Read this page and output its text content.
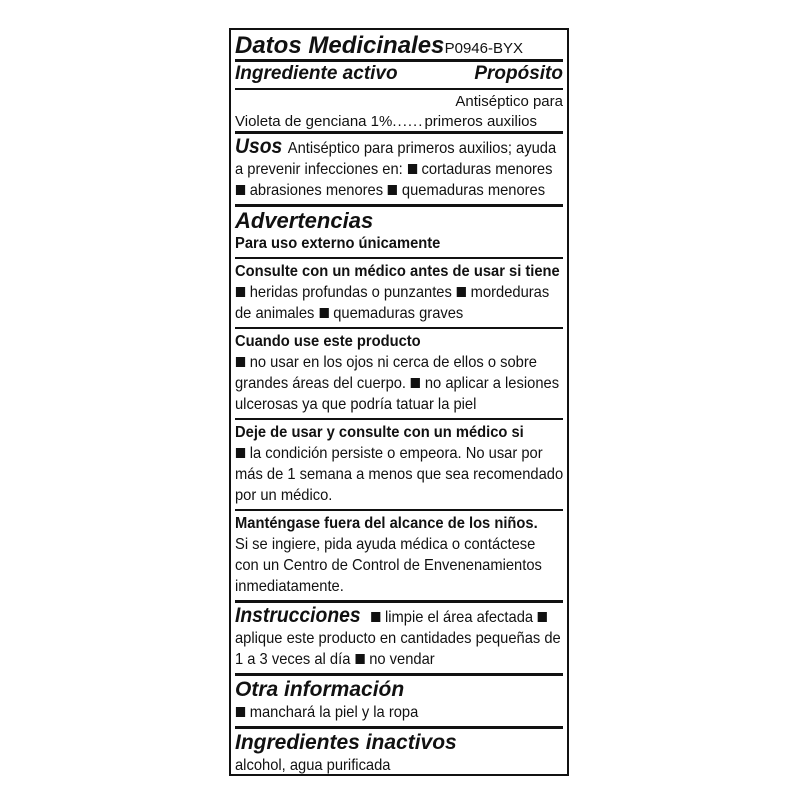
Datos Medicinales P0946-BYX
Ingrediente activo	Propósito
Antiséptico para
Violeta de genciana 1%
..... primeros auxilios
Usos Antiséptico para primeros auxilios; ayuda
a prevenir infecciones en: cortaduras menores
abrasiones menores quemaduras menores
Advertencias
Para uso externo únicamente
Consulte con un médico antes de usar si tiene
heridas profundas o punzantes mordeduras
de animales quemaduras graves
Cuando use este producto
no usar en los ojos ni cerca de ellos o sobre
grandes áreas del cuerpo. no aplicar a lesiones
ulcerosas ya que podría tatuar la piel
Deje de usar y consulte con un médico si
la condición persiste o empeora. No usar por
más de 1 semana a menos que sea recomendado
por un médico.
Manténgase fuera del alcance de los niños.
Si se ingiere, pida ayuda médica o contáctese
con un Centro de Control de Envenenamientos
inmediatamente.
Instrucciones limpie el área afectada
aplique este producto en cantidades pequeñas de
1 a 3 veces al día no vendar
Otra información
manchará la piel y la ropa
Ingredientes inactivos
alcohol, agua purificada
